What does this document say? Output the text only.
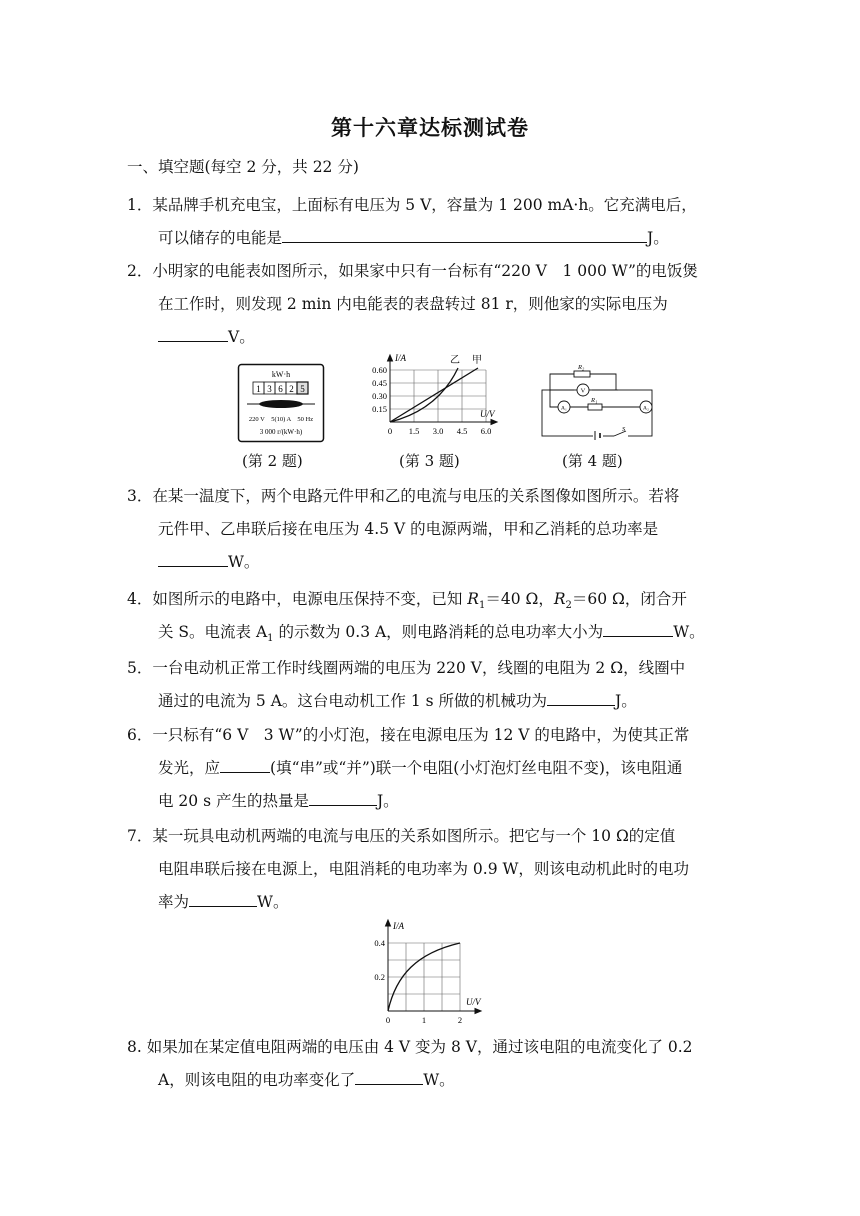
第十六章达标测试卷
一、填空题(每空 2 分，共 22 分)
1．某品牌手机充电宝，上面标有电压为 5 V，容量为 1 200 mA·h。它充满电后，
可以储存的电能是	J。
2．小明家的电能表如图所示，如果家中只有一台标有“220 V　1 000 W”的电饭煲
在工作时，则发现 2 min 内电能表的表盘转过 81 r，则他家的实际电压为
V。
kW·h
1 3 6 2 5
220 V　5(10) A　50 Hz
3 000 r/(kW·h)
I/A
U/V
0.60
0.45
0.30
0.15
0 1.5 3.0 4.5 6.0
乙 甲
R₂
V
A₁
R₁
A₂
S
(第 2 题)	(第 3 题)	(第 4 题)
3．在某一温度下，两个电路元件甲和乙的电流与电压的关系图像如图所示。若将
元件甲、乙串联后接在电压为 4.5 V 的电源两端，甲和乙消耗的总功率是
W。
4．如图所示的电路中，电源电压保持不变，已知 $R_1=40$ Ω，$R_2=60$ Ω，闭合开
关 S。电流表 $A_1$ 的示数为 0.3 A，则电路消耗的总电功率大小为	W。
5．一台电动机正常工作时线圈两端的电压为 220 V，线圈的电阻为 2 Ω，线圈中
通过的电流为 5 A。这台电动机工作 1 s 所做的机械功为	J。
6．一只标有“6 V　3 W”的小灯泡，接在电源电压为 12 V 的电路中，为使其正常
发光，应	(填“串”或“并”)联一个电阻(小灯泡灯丝电阻不变)，该电阻通
电 20 s 产生的热量是	J。
7．某一玩具电动机两端的电流与电压的关系如图所示。把它与一个 10 Ω的定值
电阻串联后接在电源上，电阻消耗的电功率为 0.9 W，则该电动机此时的电功
率为	W。
I/A
U/V
0.4
0.2
0	1	2
8. 如果加在某定值电阻两端的电压由 4 V 变为 8 V，通过该电阻的电流变化了 0.2
A，则该电阻的电功率变化了	W。
